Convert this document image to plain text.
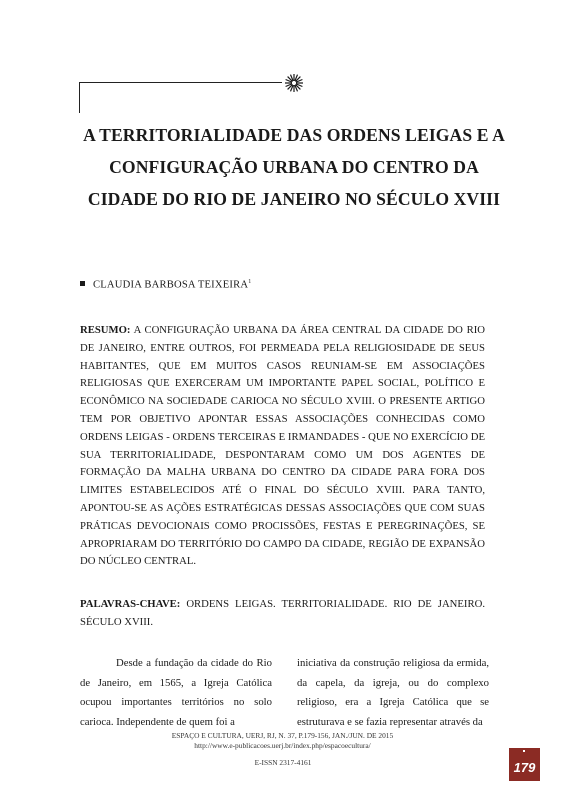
A TERRITORIALIDADE DAS ORDENS LEIGAS E A CONFIGURAÇÃO URBANA DO CENTRO DA CIDADE DO RIO DE JANEIRO NO SÉCULO XVIII
CLAUDIA BARBOSA TEIXEIRA$^1$
RESUMO: A CONFIGURAÇÃO URBANA DA ÁREA CENTRAL DA CIDADE DO RIO DE JANEIRO, ENTRE OUTROS, FOI PERMEADA PELA RELIGIOSIDADE DE SEUS HABITANTES, QUE EM MUITOS CASOS REUNIAM-SE EM ASSOCIAÇÕES RELIGIOSAS QUE EXERCERAM UM IMPORTANTE PAPEL SOCIAL, POLÍTICO E ECONÔMICO NA SOCIEDADE CARIOCA NO SÉCULO XVIII. O PRESENTE ARTIGO TEM POR OBJETIVO APONTAR ESSAS ASSOCIAÇÕES CONHECIDAS COMO ORDENS LEIGAS - ORDENS TERCEIRAS E IRMANDADES - QUE NO EXERCÍCIO DE SUA TERRITORIALIDADE, DESPONTARAM COMO UM DOS AGENTES DE FORMAÇÃO DA MALHA URBANA DO CENTRO DA CIDADE PARA FORA DOS LIMITES ESTABELECIDOS ATÉ O FINAL DO SÉCULO XVIII. PARA TANTO, APONTOU-SE AS AÇÕES ESTRATÉGICAS DESSAS ASSOCIAÇÕES QUE COM SUAS PRÁTICAS DEVOCIONAIS COMO PROCISSÕES, FESTAS E PEREGRINAÇÕES, SE APROPRIARAM DO TERRITÓRIO DO CAMPO DA CIDADE, REGIÃO DE EXPANSÃO DO NÚCLEO CENTRAL.
PALAVRAS-CHAVE: ORDENS LEIGAS. TERRITORIALIDADE. RIO DE JANEIRO. SÉCULO XVIII.
Desde a fundação da cidade do Rio de Janeiro, em 1565, a Igreja Católica ocupou importantes territórios no solo carioca. Independente de quem foi a
iniciativa da construção religiosa da ermida, da capela, da igreja, ou do complexo religioso, era a Igreja Católica que se estruturava e se fazia representar através da
ESPAÇO E CULTURA, UERJ, RJ, N. 37, P.179-156, JAN./JUN. DE 2015
http://www.e-publicacoes.uerj.br/index.php/espacoecultura/
E-ISSN 2317-4161	179
